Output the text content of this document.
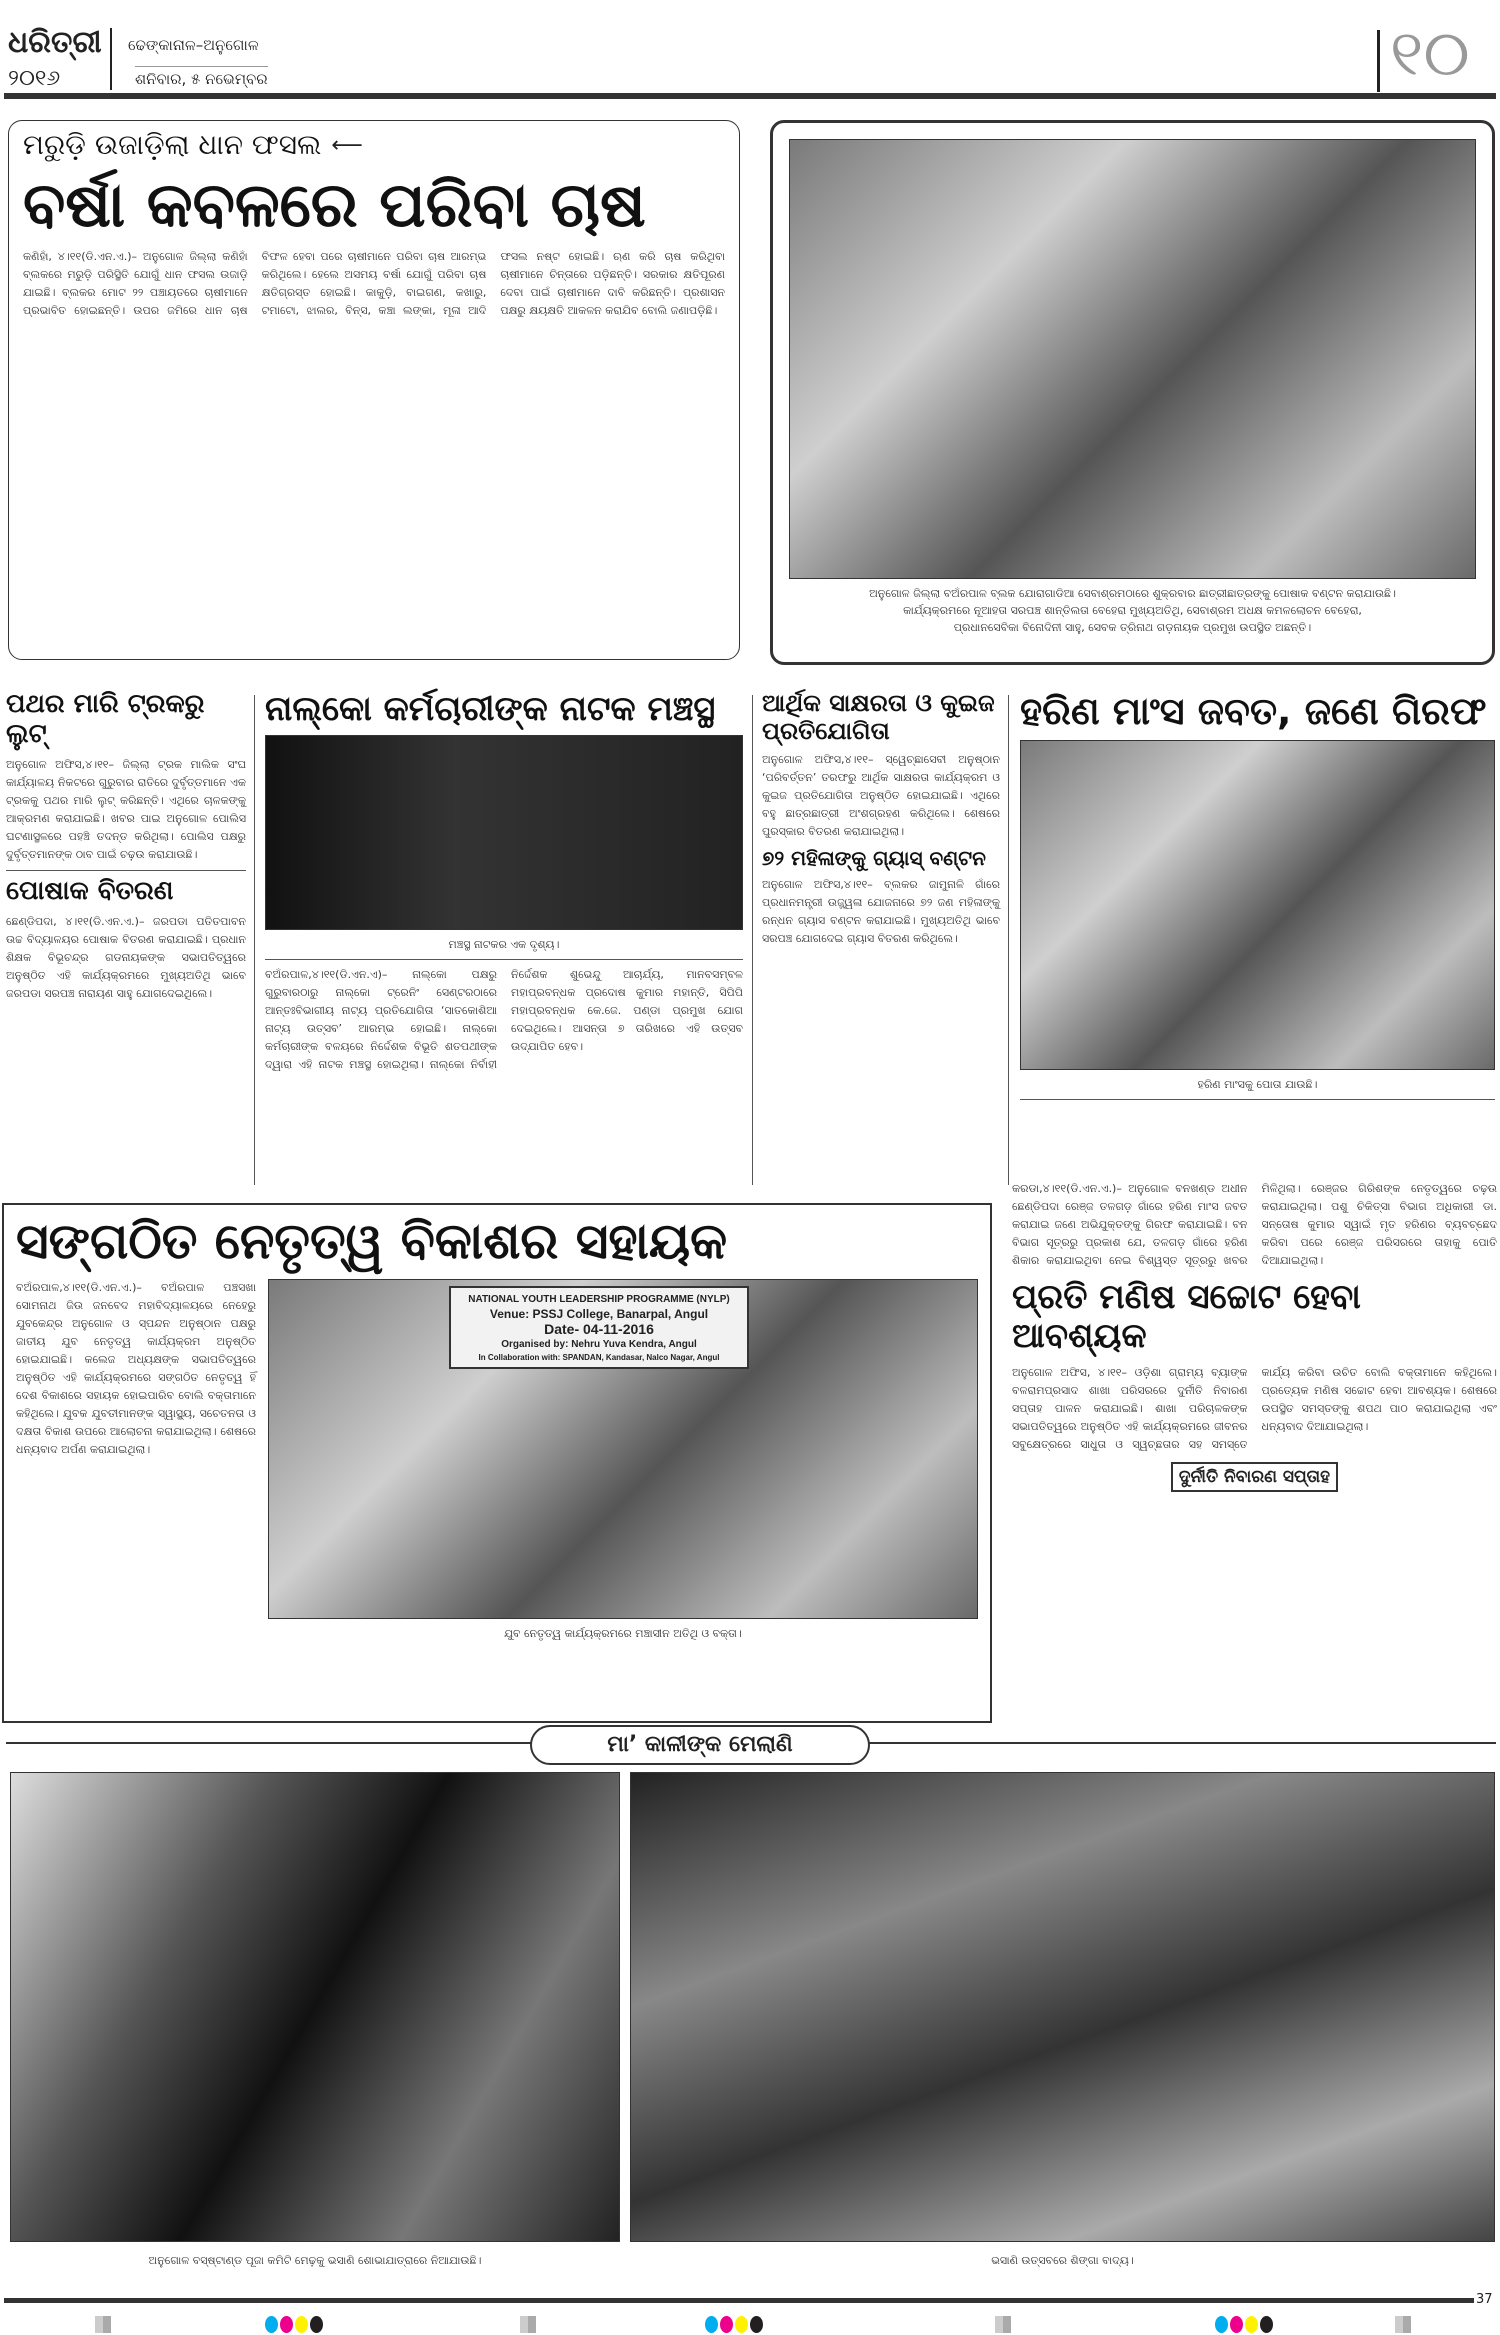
ଧରିତ୍ରୀ
୨୦୧୬
ଢେଙ୍କାନାଳ–ଅନୁଗୋଳ
ଶନିବାର, ୫ ନଭେମ୍ବର	୧୦
ମରୁଡ଼ି ଉଜାଡ଼ିଲା ଧାନ ଫସଲ ⟵
ବର୍ଷା କବଳରେ ପରିବା ଚାଷ
କଣିହାଁ, ୪।୧୧(ଡି.ଏନ.ଏ.)– ଅନୁଗୋଳ ଜିଲ୍ଲା କଣିହାଁ ବ୍ଲକରେ ମରୁଡ଼ି ପରିସ୍ଥିତି ଯୋଗୁଁ ଧାନ ଫସଲ ଉଜାଡ଼ି ଯାଇଛି। ବ୍ଲକର ମୋଟ ୨୨ ପଞ୍ଚାୟତରେ ଚାଷୀମାନେ ପ୍ରଭାବିତ ହୋଇଛନ୍ତି। ଉପର ଜମିରେ ଧାନ ଚାଷ ବିଫଳ ହେବା ପରେ ଚାଷୀମାନେ ପରିବା ଚାଷ ଆରମ୍ଭ କରିଥିଲେ। ହେଲେ ଅସମୟ ବର୍ଷା ଯୋଗୁଁ ପରିବା ଚାଷ କ୍ଷତିଗ୍ରସ୍ତ ହୋଇଛି। କାକୁଡ଼ି, ବାଇଗଣ, କଖାରୁ, ଟମାଟୋ, ଝାଲର, ବିନ୍ସ, କଞ୍ଚା ଲଙ୍କା, ମୂଳା ଆଦି ଫସଲ ନଷ୍ଟ ହୋଇଛି। ଋଣ କରି ଚାଷ କରିଥିବା ଚାଷୀମାନେ ଚିନ୍ତାରେ ପଡ଼ିଛନ୍ତି। ସରକାର କ୍ଷତିପୂରଣ ଦେବା ପାଇଁ ଚାଷୀମାନେ ଦାବି କରିଛନ୍ତି। ପ୍ରଶାସନ ପକ୍ଷରୁ କ୍ଷୟକ୍ଷତି ଆକଳନ କରାଯିବ ବୋଲି ଜଣାପଡ଼ିଛି।
ଅନୁଗୋଳ ଜିଲ୍ଲା ବଅଁରପାଳ ବ୍ଲକ ଯୋରାଗାଡିଆ ସେବାଶ୍ରମଠାରେ ଶୁକ୍ରବାର ଛାତ୍ରୀଛାତ୍ରଙ୍କୁ ପୋଷାକ ବଣ୍ଟନ କରାଯାଉଛି।
କାର୍ଯ୍ୟକ୍ରମରେ ନୂଆହତା ସରପଞ୍ଚ ଶାନ୍ତିଲତା ବେହେରା ମୁଖ୍ୟଅତିଥି, ସେବାଶ୍ରମ ଅଧକ୍ଷ କମଳଲୋଚନ ବେହେରା,
ପ୍ରଧାନସେବିକା ବିନୋଦିନୀ ସାହୁ, ସେବକ ତ୍ରିନାଥ ଗଡ଼ନାୟକ ପ୍ରମୁଖ ଉପସ୍ଥିତ ଅଛନ୍ତି।
ପଥର ମାରି ଟ୍ରକରୁ ଲୁଟ୍
ଅନୁଗୋଳ ଅଫିସ,୪।୧୧– ଜିଲ୍ଲା ଟ୍ରକ ମାଲିକ ସଂଘ କାର୍ଯ୍ୟାଳୟ ନିକଟରେ ଗୁରୁବାର ରାତିରେ ଦୁର୍ବୃତ୍ତମାନେ ଏକ ଟ୍ରକକୁ ପଥର ମାରି ଲୁଟ୍ କରିଛନ୍ତି। ଏଥିରେ ଚାଳକଙ୍କୁ ଆକ୍ରମଣ କରାଯାଇଛି। ଖବର ପାଇ ଅନୁଗୋଳ ପୋଲିସ ଘଟଣାସ୍ଥଳରେ ପହଞ୍ଚି ତଦନ୍ତ କରିଥିଲା। ପୋଲିସ ପକ୍ଷରୁ ଦୁର୍ବୃତ୍ତମାନଙ୍କ ଠାବ ପାଇଁ ଚଢ଼ଉ କରାଯାଉଛି।
ପୋଷାକ ବିତରଣ
ଛେଣ୍ଡିପଦା, ୪।୧୧(ଡି.ଏନ.ଏ.)– ଜରପଡା ପତିତପାବନ ଉଚ୍ଚ ବିଦ୍ୟାଳୟର ପୋଷାକ ବିତରଣ କରାଯାଇଛି। ପ୍ରଧାନ ଶିକ୍ଷକ ବିଭୂଚନ୍ଦ୍ର ଗଡନାୟକଙ୍କ ସଭାପତିତ୍ୱରେ ଅନୁଷ୍ଠିତ ଏହି କାର୍ଯ୍ୟକ୍ରମରେ ମୁଖ୍ୟଅତିଥି ଭାବେ ଜରପଡା ସରପଞ୍ଚ ନାରାୟଣ ସାହୁ ଯୋଗଦେଇଥିଲେ।
ନାଲ୍କୋ କର୍ମଚାରୀଙ୍କ ନାଟକ ମଞ୍ଚସ୍ଥ
ମଞ୍ଚସ୍ଥ ନାଟକର ଏକ ଦୃଶ୍ୟ।
ବଅଁରପାଳ,୪।୧୧(ଡି.ଏନ.ଏ)– ନାଲ୍କୋ ପକ୍ଷରୁ ଗୁରୁବାରଠାରୁ ନାଲ୍କୋ ଟ୍ରେନିଂ ସେଣ୍ଟରଠାରେ ଆନ୍ତଃବିଭାଗୀୟ ନାଟ୍ୟ ପ୍ରତିଯୋଗିତା ‘ସାତକୋଶିଆ ନାଟ୍ୟ ଉତ୍ସବ’ ଆରମ୍ଭ ହୋଇଛି। ନାଲ୍କୋ କର୍ମଚାରୀଙ୍କ ବଳୟରେ ନିର୍ଦ୍ଦେଶକ ବିଭୂତି ଶତପଥୀଙ୍କ ଦ୍ୱାରା ଏହି ନାଟକ ମଞ୍ଚସ୍ଥ ହୋଇଥିଲା। ନାଲ୍କୋ ନିର୍ବାହୀ ନିର୍ଦ୍ଦେଶକ ଶୁଭେନ୍ଦୁ ଆଚାର୍ଯ୍ୟ, ମାନବସମ୍ବଳ ମହାପ୍ରବନ୍ଧକ ପ୍ରଦୋଷ କୁମାର ମହାନ୍ତି, ସିପିପି ମହାପ୍ରବନ୍ଧକ କେ.ଜେ. ପଣ୍ଡା ପ୍ରମୁଖ ଯୋଗ ଦେଇଥିଲେ। ଆସନ୍ତା ୭ ତାରିଖରେ ଏହି ଉତ୍ସବ ଉଦ୍‌ଯାପିତ ହେବ।
ଆର୍ଥିକ ସାକ୍ଷରତା ଓ କୁଇଜ ପ୍ରତିଯୋଗିତା
ଅନୁଗୋଳ ଅଫିସ,୪।୧୧– ସ୍ୱେଚ୍ଛାସେବୀ ଅନୁଷ୍ଠାନ ‘ପରିବର୍ତ୍ତନ’ ତରଫରୁ ଆର୍ଥିକ ସାକ୍ଷରତା କାର୍ଯ୍ୟକ୍ରମ ଓ କୁଇଜ ପ୍ରତିଯୋଗିତା ଅନୁଷ୍ଠିତ ହୋଇଯାଇଛି। ଏଥିରେ ବହୁ ଛାତ୍ରଛାତ୍ରୀ ଅଂଶଗ୍ରହଣ କରିଥିଲେ। ଶେଷରେ ପୁରସ୍କାର ବିତରଣ କରାଯାଇଥିଲା।
୭୨ ମହିଳାଙ୍କୁ ଗ୍ୟାସ୍ ବଣ୍ଟନ
ଅନୁଗୋଳ ଅଫିସ,୪।୧୧– ବ୍ଲକର ଜାମୁନାଳି ଗାଁରେ ପ୍ରଧାନମନ୍ତ୍ରୀ ଉଜ୍ଜ୍ୱଳା ଯୋଜନାରେ ୭୨ ଜଣ ମହିଳାଙ୍କୁ ରନ୍ଧନ ଗ୍ୟାସ ବଣ୍ଟନ କରାଯାଇଛି। ମୁଖ୍ୟଅତିଥି ଭାବେ ସରପଞ୍ଚ ଯୋଗଦେଇ ଗ୍ୟାସ ବିତରଣ କରିଥିଲେ।
ହରିଣ ମାଂସ ଜବତ, ଜଣେ ଗିରଫ
ହରିଣ ମାଂସକୁ ପୋତା ଯାଉଛି।
ସଙ୍ଗଠିତ ନେତୃତ୍ୱ ବିକାଶର ସହାୟକ
ବଅଁରପାଳ,୪।୧୧(ଡି.ଏନ.ଏ.)– ବଅଁରପାଳ ପଞ୍ଚସଖା ସୋମନାଥ ଜିଉ ଜନବେଦ ମହାବିଦ୍ୟାଳୟରେ ନେହେରୁ ଯୁବକେନ୍ଦ୍ର ଅନୁଗୋଳ ଓ ସ୍ପନ୍ଦନ ଅନୁଷ୍ଠାନ ପକ୍ଷରୁ ଜାତୀୟ ଯୁବ ନେତୃତ୍ୱ କାର୍ଯ୍ୟକ୍ରମ ଅନୁଷ୍ଠିତ ହୋଇଯାଇଛି। କଲେଜ ଅଧ୍ୟକ୍ଷଙ୍କ ସଭାପତିତ୍ୱରେ ଅନୁଷ୍ଠିତ ଏହି କାର୍ଯ୍ୟକ୍ରମରେ ସଙ୍ଗଠିତ ନେତୃତ୍ୱ ହିଁ ଦେଶ ବିକାଶରେ ସହାୟକ ହୋଇପାରିବ ବୋଲି ବକ୍ତାମାନେ କହିଥିଲେ। ଯୁବକ ଯୁବତୀମାନଙ୍କ ସ୍ୱାସ୍ଥ୍ୟ, ସଚେତନତା ଓ ଦକ୍ଷତା ବିକାଶ ଉପରେ ଆଲୋଚନା କରାଯାଇଥିଲା। ଶେଷରେ ଧନ୍ୟବାଦ ଅର୍ପଣ କରାଯାଇଥିଲା।
NATIONAL YOUTH LEADERSHIP PROGRAMME (NYLP)
Venue: PSSJ College, Banarpal, Angul
Date- 04-11-2016
Organised by: Nehru Yuva Kendra, Angul
In Collaboration with: SPANDAN, Kandasar, Nalco Nagar, Angul
ଯୁବ ନେତୃତ୍ୱ କାର୍ଯ୍ୟକ୍ରମରେ ମଞ୍ଚାସୀନ ଅତିଥି ଓ ବକ୍ତା।
କରଡା,୪।୧୧(ଡି.ଏନ.ଏ.)– ଅନୁଗୋଳ ବନଖଣ୍ଡ ଅଧୀନ ଛେଣ୍ଡିପଦା ରେଞ୍ଜ ତଳଗଡ଼ ଗାଁରେ ହରିଣ ମାଂସ ଜବତ କରାଯାଇ ଜଣେ ଅଭିଯୁକ୍ତଙ୍କୁ ଗିରଫ କରାଯାଇଛି। ବନ ବିଭାଗ ସୂତ୍ରରୁ ପ୍ରକାଶ ଯେ, ତଳଗଡ଼ ଗାଁରେ ହରିଣ ଶିକାର କରାଯାଇଥିବା ନେଇ ବିଶ୍ୱସ୍ତ ସୂତ୍ରରୁ ଖବର ମିଳିଥିଲା। ରେଞ୍ଜର ଗିରିଶଙ୍କ ନେତୃତ୍ୱରେ ଚଢ଼ଉ କରାଯାଇଥିଲା। ପଶୁ ଚିକିତ୍ସା ବିଭାଗ ଅଧିକାରୀ ଡା. ସନ୍ତୋଷ କୁମାର ସ୍ୱାଇଁ ମୃତ ହରିଣର ବ୍ୟବଚ୍ଛେଦ କରିବା ପରେ ରେଞ୍ଜ ପରିସରରେ ତାହାକୁ ପୋତି ଦିଆଯାଇଥିଲା।
ପ୍ରତି ମଣିଷ ସଚ୍ଚୋଟ ହେବା ଆବଶ୍ୟକ
ଅନୁଗୋଳ ଅଫିସ, ୪।୧୧– ଓଡ଼ିଶା ଗ୍ରାମ୍ୟ ବ୍ୟାଙ୍କ ବଳରାମପ୍ରସାଦ ଶାଖା ପରିସରରେ ଦୁର୍ନୀତି ନିବାରଣ ସପ୍ତାହ ପାଳନ କରାଯାଇଛି। ଶାଖା ପରିଚାଳକଙ୍କ ସଭାପତିତ୍ୱରେ ଅନୁଷ୍ଠିତ ଏହି କାର୍ଯ୍ୟକ୍ରମରେ ଜୀବନର ସବୁକ୍ଷେତ୍ରରେ ସାଧୁତା ଓ ସ୍ୱଚ୍ଛତାର ସହ ସମସ୍ତେ କାର୍ଯ୍ୟ କରିବା ଉଚିତ ବୋଲି ବକ୍ତାମାନେ କହିଥିଲେ। ପ୍ରତ୍ୟେକ ମଣିଷ ସଚ୍ଚୋଟ ହେବା ଆବଶ୍ୟକ। ଶେଷରେ ଉପସ୍ଥିତ ସମସ୍ତଙ୍କୁ ଶପଥ ପାଠ କରାଯାଇଥିଲା ଏବଂ ଧନ୍ୟବାଦ ଦିଆଯାଇଥିଲା।
ଦୁର୍ନୀତି ନିବାରଣ ସପ୍ତାହ
ମା’ କାଳୀଙ୍କ ମେଲାଣି
ଅନୁଗୋଳ ବସ୍‌ଷ୍ଟାଣ୍ଡ ପୂଜା କମିଟି ମେଢ଼କୁ ଭସାଣି ଶୋଭାଯାତ୍ରାରେ ନିଆଯାଉଛି।	ଭସାଣି ଉତ୍ସବରେ ଶିଙ୍ଗା ବାଦ୍ୟ।
37
